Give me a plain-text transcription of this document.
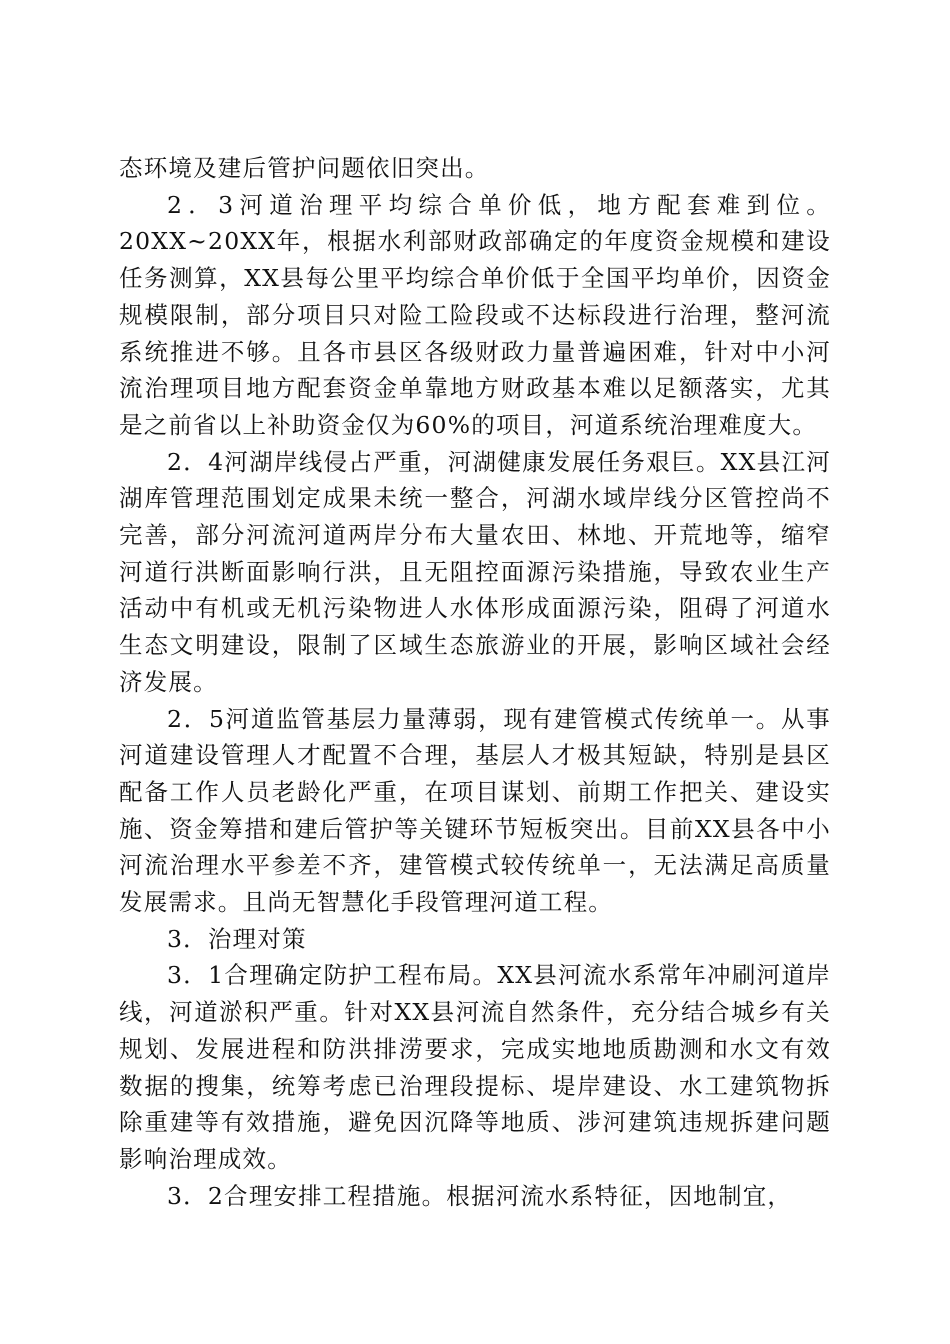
态环境及建后管护问题依旧突出。

2．3河道治理平均综合单价低，地方配套难到位。20XX~20XX年，根据水利部财政部确定的年度资金规模和建设任务测算，XX县每公里平均综合单价低于全国平均单价，因资金规模限制，部分项目只对险工险段或不达标段进行治理，整河流系统推进不够。且各市县区各级财政力量普遍困难，针对中小河流治理项目地方配套资金单靠地方财政基本难以足额落实，尤其是之前省以上补助资金仅为60%的项目，河道系统治理难度大。

2．4河湖岸线侵占严重，河湖健康发展任务艰巨。XX县江河湖库管理范围划定成果未统一整合，河湖水域岸线分区管控尚不完善，部分河流河道两岸分布大量农田、林地、开荒地等，缩窄河道行洪断面影响行洪，且无阻控面源污染措施，导致农业生产活动中有机或无机污染物进人水体形成面源污染，阻碍了河道水生态文明建设，限制了区域生态旅游业的开展，影响区域社会经济发展。

2．5河道监管基层力量薄弱，现有建管模式传统单一。从事河道建设管理人才配置不合理，基层人才极其短缺，特别是县区配备工作人员老龄化严重，在项目谋划、前期工作把关、建设实施、资金筹措和建后管护等关键环节短板突出。目前XX县各中小河流治理水平参差不齐，建管模式较传统单一，无法满足高质量发展需求。且尚无智慧化手段管理河道工程。

3．治理对策

3．1合理确定防护工程布局。XX县河流水系常年冲刷河道岸线，河道淤积严重。针对XX县河流自然条件，充分结合城乡有关规划、发展进程和防洪排涝要求，完成实地地质勘测和水文有效数据的搜集，统筹考虑已治理段提标、堤岸建设、水工建筑物拆除重建等有效措施，避免因沉降等地质、涉河建筑违规拆建问题影响治理成效。

3．2合理安排工程措施。根据河流水系特征，因地制宜，
